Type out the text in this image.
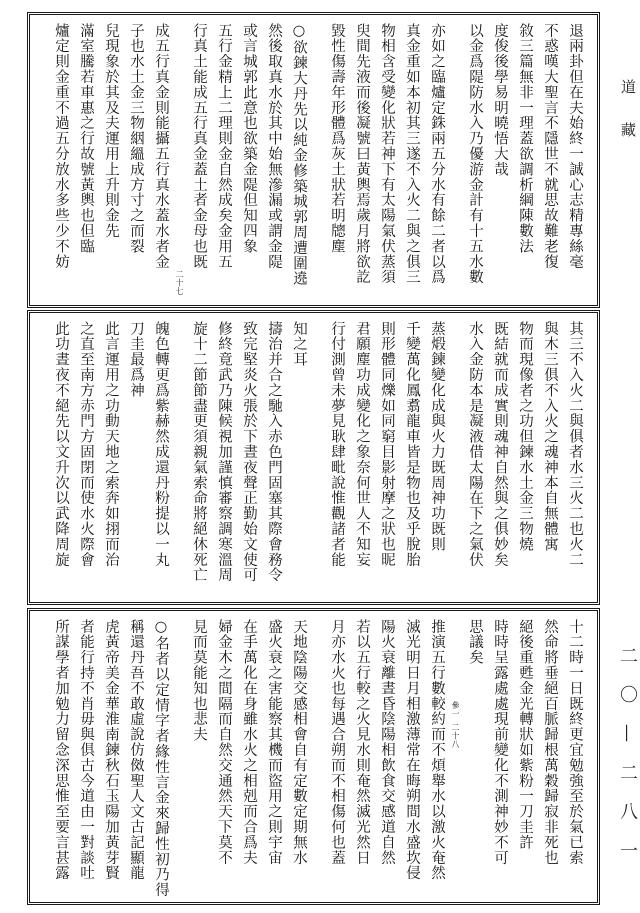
退兩卦但在夫始終一誠心志精專絲毫
不惑嘆大聖言不隱世不就思故難老復
敘三篇無非一理蓋欲調析綱陳數法
度俊後學易明曉悟大哉
以金爲隄防水入乃優游金計有十五水數
亦如之臨爐定銖兩五分水有餘二者以爲
真金重如本初其三遂不入火二與之俱三
物相含受變化狀若神下有太陽氣伏蒸須
臾間先液而後凝號曰黃輿焉歲月將欲訖
毀性傷壽年形體爲灰土狀若明牕塵
○欲鍊大丹先以純金修築城郭周遭圍遶
然後取真水於其中始無滲漏或謂金隄
或言城郭此意也欲築金隄但知四象
五行金精上二理則金自然成矣金用五
行真土能成五行真金蓋土者金母也既
二十七
成五行真金則能攝五行真水蓋水者金
子也水土金三物絪縕成方寸之而裂
兒現象於其及夫運用上升則金先
滿室騰若車惠之行故號黃輿也但臨
爐定則金重不過五分放水多些少不妨
其三不入火二與俱者水三火二也火二
與木三俱不入火之魂神本自無體寓
物而現像者之功但鍊水土金三物燒
既結就而成實則魂神自然與之俱妙矣
水入金防本是凝液借太陽在下之氣伏
蒸煅鍊變化成與火力既周神功既則
千變萬化鳳翥龍車皆是物也及乎脫胎
則形體同爍如同窮目影射摩之狀也昵
君願塵功成變化之象奈何世人不知妄
行付測曾未夢見耿肆毗說惟觀諸者能
知之耳
擣治并合之馳入赤色門固塞其際會務令
致完堅炎火張於下晝夜聲正勤始文使可
修終竟武乃陳候視加謹慎審察調寒溫周
旋十二節節盡更須親氣索命將絕休死亡
魄色轉更爲紫赫然成還丹粉提以一丸
刀圭最爲神
此言運用之功動天地之索奔如挧而治
之直至南方赤門方固閉而使水火際會
此功晝夜不絕先以文升次以武降周旋
十二時一日既終更宜勉強至於氣已索
然命將垂絕百脈歸根萬穀歸寂非死也
絕後重甦金光轉狀如紫粉一刀圭許
時時呈露處處現前變化不測神妙不可
思議矣
參一
二十八
推演五行數較約而不煩舉水以激火奄然
滅光明日月相激薄常在晦朔間水盛坎侵
陽火衰離晝昏陰陽相飲食交感道自然
若以五行較之火見水則奄然滅光然日
月亦水火也每遇合朔而不相傷何也蓋
天地陰陽交感相會自有定數定期無水
盛火衰之害能察其機而盜用之則宇宙
在手萬化在身雖水火之相剋而合爲夫
婦金木之間隔而自然交通然天下莫不
見而莫能知也悲夫
○名者以定情字者緣性言金來歸性初乃得
稱還丹吾不敢虛說仿傚聖人文古記顯龍
虎黃帝美金華淮南鍊秋石玉陽加黃芽賢
者能行持不肖毋與俱古今道由一對談吐
所謀學者加勉力留念深思惟至要言甚露
道
藏
二〇—二八一
